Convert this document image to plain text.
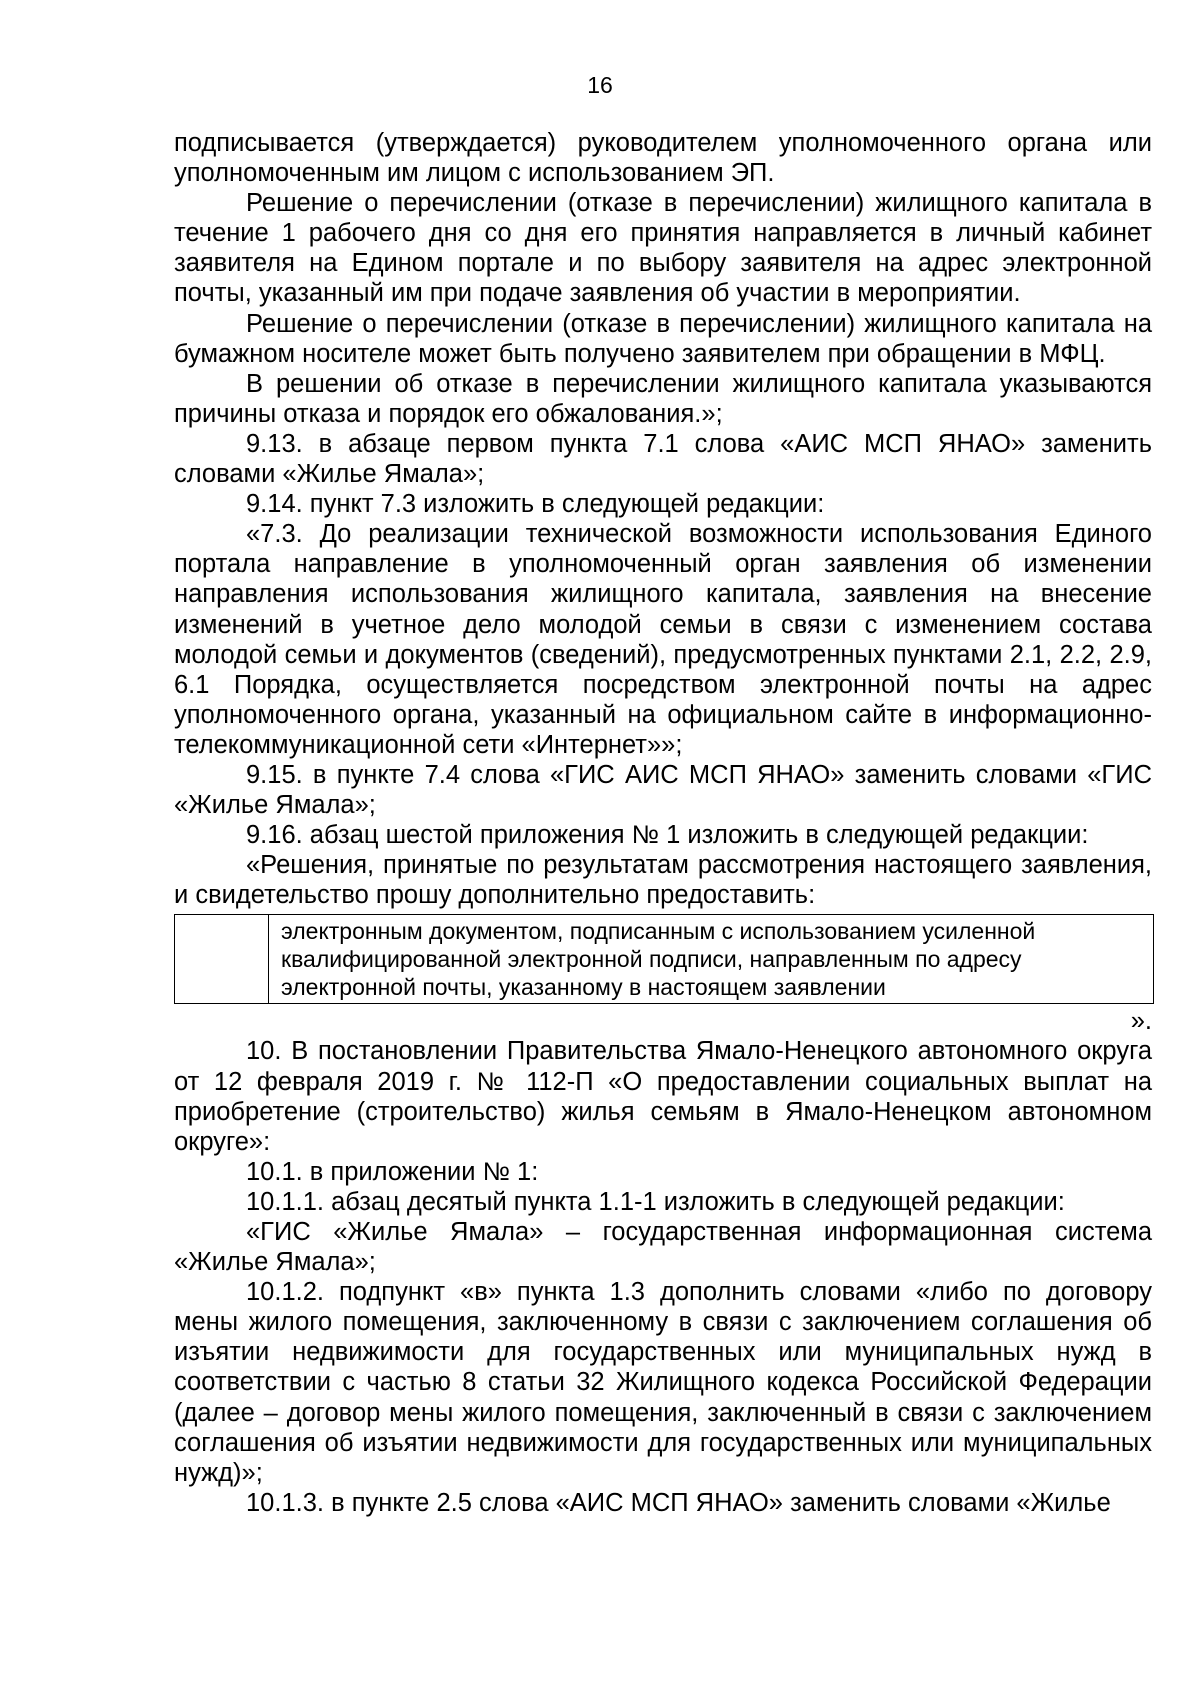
16

подписывается (утверждается) руководителем уполномоченного органа или уполномоченным им лицом с использованием ЭП.

Решение о перечислении (отказе в перечислении) жилищного капитала в течение 1 рабочего дня со дня его принятия направляется в личный кабинет заявителя на Едином портале и по выбору заявителя на адрес электронной почты, указанный им при подаче заявления об участии в мероприятии.

Решение о перечислении (отказе в перечислении) жилищного капитала на бумажном носителе может быть получено заявителем при обращении в МФЦ.

В решении об отказе в перечислении жилищного капитала указываются причины отказа и порядок его обжалования.»;

9.13. в абзаце первом пункта 7.1 слова «АИС МСП ЯНАО» заменить словами «Жилье Ямала»;

9.14. пункт 7.3 изложить в следующей редакции:

«7.3. До реализации технической возможности использования Единого портала направление в уполномоченный орган заявления об изменении направления использования жилищного капитала, заявления на внесение изменений в учетное дело молодой семьи в связи с изменением состава молодой семьи и документов (сведений), предусмотренных пунктами 2.1, 2.2, 2.9, 6.1 Порядка, осуществляется посредством электронной почты на адрес уполномоченного органа, указанный на официальном сайте в информационно-телекоммуникационной сети «Интернет»»;

9.15. в пункте 7.4 слова «ГИС АИС МСП ЯНАО» заменить словами «ГИС «Жилье Ямала»;

9.16. абзац шестой приложения № 1 изложить в следующей редакции:

«Решения, принятые по результатам рассмотрения настоящего заявления, и свидетельство прошу дополнительно предоставить:

	электронным документом, подписанным с использованием усиленной квалифицированной электронной подписи, направленным по адресу электронной почты, указанному в настоящем заявлении
».

10. В постановлении Правительства Ямало-Ненецкого автономного округа от 12 февраля 2019 г. № 112-П «О предоставлении социальных выплат на приобретение (строительство) жилья семьям в Ямало-Ненецком автономном округе»:

10.1. в приложении № 1:

10.1.1. абзац десятый пункта 1.1-1 изложить в следующей редакции:

«ГИС «Жилье Ямала» – государственная информационная система «Жилье Ямала»;

10.1.2. подпункт «в» пункта 1.3 дополнить словами «либо по договору мены жилого помещения, заключенному в связи с заключением соглашения об изъятии недвижимости для государственных или муниципальных нужд в соответствии с частью 8 статьи 32 Жилищного кодекса Российской Федерации (далее – договор мены жилого помещения, заключенный в связи с заключением соглашения об изъятии недвижимости для государственных или муниципальных нужд)»;

10.1.3. в пункте 2.5 слова «АИС МСП ЯНАО» заменить словами «Жилье
